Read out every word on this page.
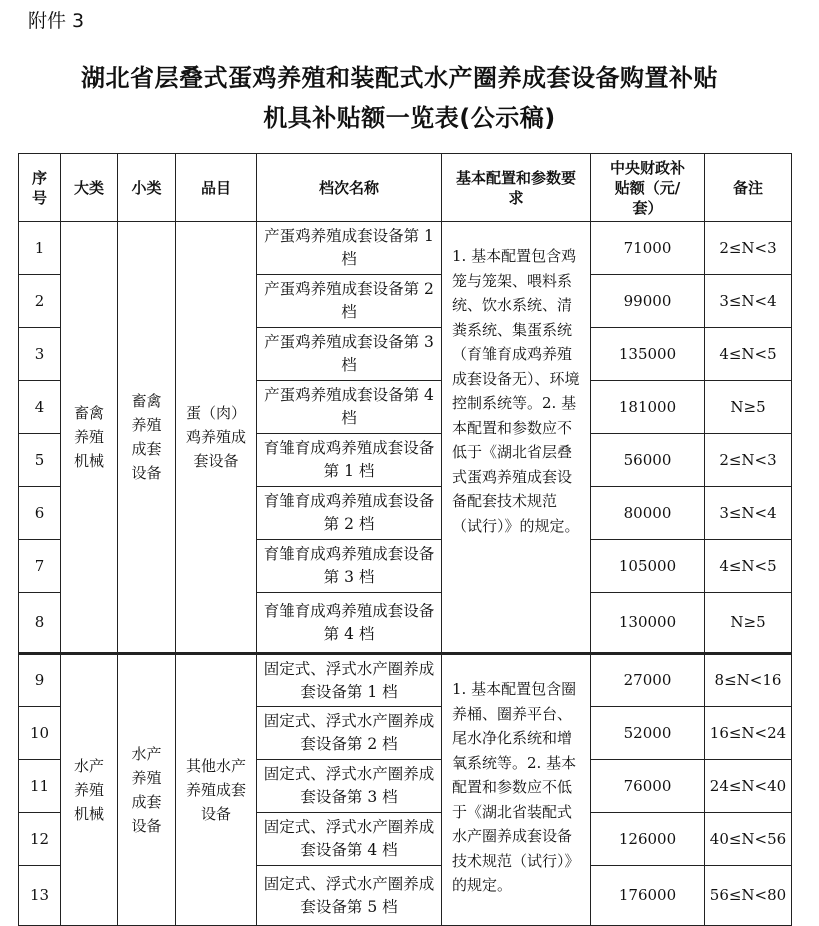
附件 3
湖北省层叠式蛋鸡养殖和装配式水产圈养成套设备购置补贴
机具补贴额一览表(公示稿)
序号	大类	小类	品目	档次名称	基本配置和参数要求	中央财政补贴额（元/套）	备注
1	畜禽养殖机械	畜禽养殖成套设备	蛋（肉）鸡养殖成套设备	产蛋鸡养殖成套设备第 1 档	1. 基本配置包含鸡笼与笼架、喂料系统、饮水系统、清粪系统、集蛋系统（育雏育成鸡养殖成套设备无）、环境控制系统等。2. 基本配置和参数应不低于《湖北省层叠式蛋鸡养殖成套设备配套技术规范（试行）》的规定。	71000	2≤N<3
2				产蛋鸡养殖成套设备第 2 档		99000	3≤N<4
3				产蛋鸡养殖成套设备第 3 档		135000	4≤N<5
4				产蛋鸡养殖成套设备第 4 档		181000	N≥5
5				育雏育成鸡养殖成套设备第 1 档		56000	2≤N<3
6				育雏育成鸡养殖成套设备第 2 档		80000	3≤N<4
7				育雏育成鸡养殖成套设备第 3 档		105000	4≤N<5
8				育雏育成鸡养殖成套设备第 4 档		130000	N≥5
9	水产养殖机械	水产养殖成套设备	其他水产养殖成套设备	固定式、浮式水产圈养成套设备第 1 档	1. 基本配置包含圈养桶、圈养平台、尾水净化系统和增氧系统等。2. 基本配置和参数应不低于《湖北省装配式水产圈养成套设备技术规范（试行）》的规定。	27000	8≤N<16
10				固定式、浮式水产圈养成套设备第 2 档		52000	16≤N<24
11				固定式、浮式水产圈养成套设备第 3 档		76000	24≤N<40
12				固定式、浮式水产圈养成套设备第 4 档		126000	40≤N<56
13				固定式、浮式水产圈养成套设备第 5 档		176000	56≤N<80
